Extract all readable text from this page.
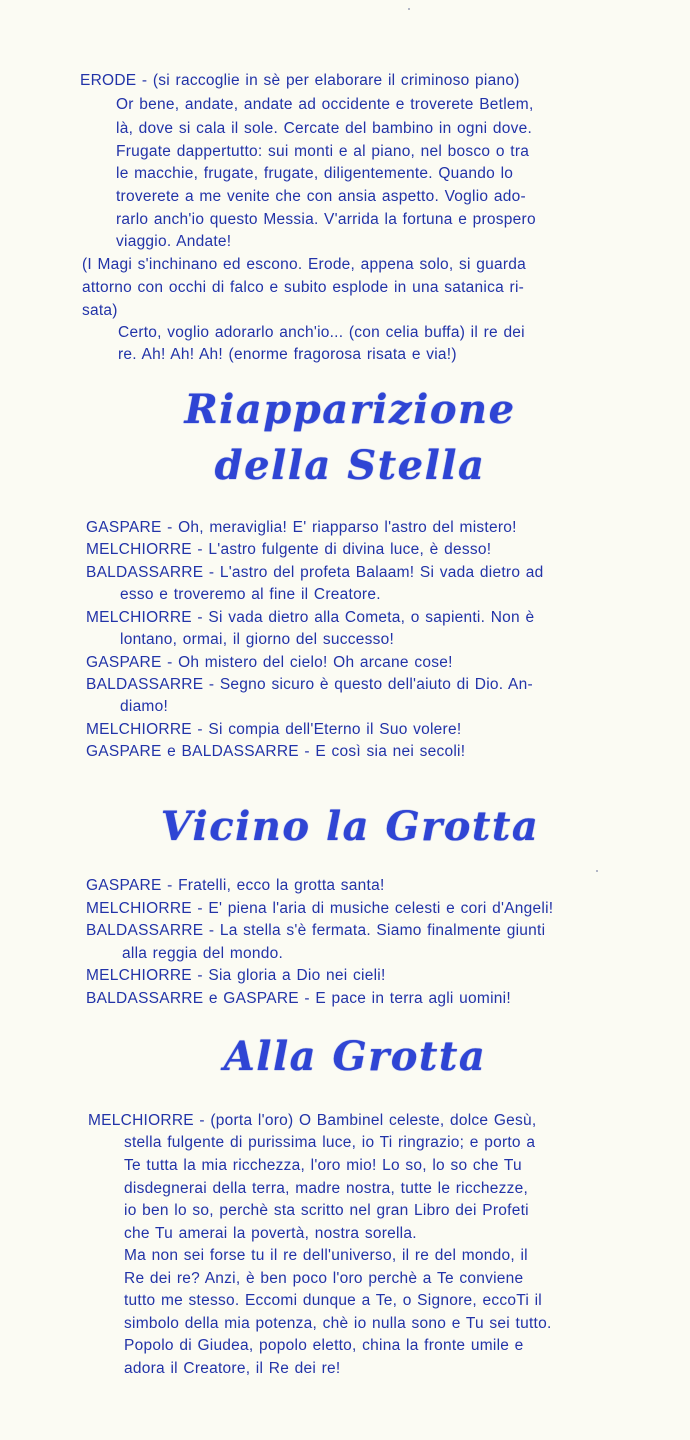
ERODE - (si raccoglie in sè per elaborare il criminoso piano)
Or bene, andate, andate ad occidente e troverete Betlem,
là, dove si cala il sole. Cercate del bambino in ogni dove.
Frugate dappertutto: sui monti e al piano, nel bosco o tra
le macchie, frugate, frugate, diligentemente. Quando lo
troverete a me venite che con ansia aspetto. Voglio ado-
rarlo anch'io questo Messia. V'arrida la fortuna e prospero
viaggio. Andate!
(I Magi s'inchinano ed escono. Erode, appena solo, si guarda
attorno con occhi di falco e subito esplode in una satanica ri-
sata)
Certo, voglio adorarlo anch'io... (con celia buffa) il re dei
re. Ah! Ah! Ah! (enorme fragorosa risata e via!)
Riapparizione
della Stella
GASPARE - Oh, meraviglia! E' riapparso l'astro del mistero!
MELCHIORRE - L'astro fulgente di divina luce, è desso!
BALDASSARRE - L'astro del profeta Balaam! Si vada dietro ad
esso e troveremo al fine il Creatore.
MELCHIORRE - Si vada dietro alla Cometa, o sapienti. Non è
lontano, ormai, il giorno del successo!
GASPARE - Oh mistero del cielo! Oh arcane cose!
BALDASSARRE - Segno sicuro è questo dell'aiuto di Dio. An-
diamo!
MELCHIORRE - Si compia dell'Eterno il Suo volere!
GASPARE e BALDASSARRE - E così sia nei secoli!
Vicino la Grotta
GASPARE - Fratelli, ecco la grotta santa!
MELCHIORRE - E' piena l'aria di musiche celesti e cori d'Angeli!
BALDASSARRE - La stella s'è fermata. Siamo finalmente giunti
alla reggia del mondo.
MELCHIORRE - Sia gloria a Dio nei cieli!
BALDASSARRE e GASPARE - E pace in terra agli uomini!
Alla Grotta
MELCHIORRE - (porta l'oro) O Bambinel celeste, dolce Gesù,
stella fulgente di purissima luce, io Ti ringrazio; e porto a
Te tutta la mia ricchezza, l'oro mio! Lo so, lo so che Tu
disdegnerai della terra, madre nostra, tutte le ricchezze,
io ben lo so, perchè sta scritto nel gran Libro dei Profeti
che Tu amerai la povertà, nostra sorella.
Ma non sei forse tu il re dell'universo, il re del mondo, il
Re dei re? Anzi, è ben poco l'oro perchè a Te conviene
tutto me stesso. Eccomi dunque a Te, o Signore, eccoTi il
simbolo della mia potenza, chè io nulla sono e Tu sei tutto.
Popolo di Giudea, popolo eletto, china la fronte umile e
adora il Creatore, il Re dei re!
